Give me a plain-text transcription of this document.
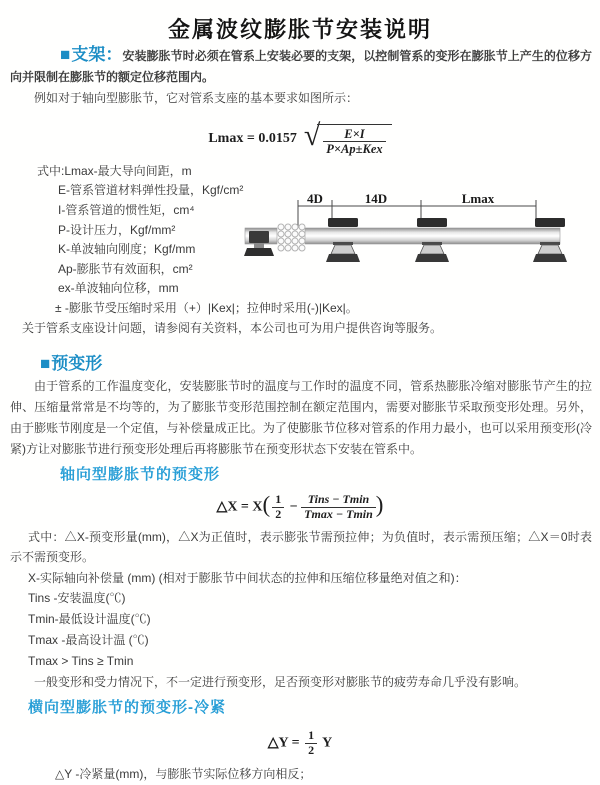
金属波纹膨胀节安装说明

■支架：安装膨胀节时必须在管系上安装必要的支架，以控制管系的变形在膨胀节上产生的位移方向并限制在膨胀节的额定位移范围内。

例如对于轴向型膨胀节，它对管系支座的基本要求如图所示：

Lmax = 0.0157 √ $\frac{E\times I}{\text{P×Ap±Kex}}$
式中:Lmax-最大导向间距，m
E-管系管道材料弹性投量，Kgf/cm²
I-管系管道的惯性矩，cm⁴
P-设计压力，Kgf/mm²
K-单波轴向刚度；Kgf/mm
Ap-膨胀节有效面积，cm²
ex-单波轴向位移，mm
± -膨胀节受压缩时采用（+）|Kex|；拉伸时采用(-)|Kex|。
关于管系支座设计问题，请参阅有关资料，本公司也可为用户提供咨询等服务。
4D	14D	Lmax
■预变形

由于管系的工作温度变化，安装膨胀节时的温度与工作时的温度不同，管系热膨胀冷缩对膨胀节产生的拉伸、压缩量常常是不均等的，为了膨胀节变形范围控制在额定范围内，需要对膨胀节采取预变形处理。另外，由于膨账节刚度是一个定值，与补偿量成正比。为了使膨胀节位移对管系的作用力最小，也可以采用预变形(冷紧)方让对膨胀节进行预变形处理后再将膨胀节在预变形状态下安装在管系中。

轴向型膨胀节的预变形
△X = $X( \frac{1}{2} - \frac{\text{Tins − Tmin}}{Tmax - Tmin}$ )

式中：△X-预变形量(mm)，△X为正值时，表示膨张节需预拉伸；为负值时，表示需预压缩；△X＝0时表示不需预变形。

X-实际轴向补偿量 (mm) (相对于膨胀节中间状态的拉伸和压缩位移量绝对值之和)：
Tins -安装温度(℃)
Tmin-最低设计温度(℃)
Tmax -最高设计温 (℃)
Tmax > Tins ≥ Tmin

一般变形和受力情况下，不一定进行预变形，足否预变形对膨胀节的疲劳寿命几乎没有影响。

横向型膨胀节的预变形-冷紧
△Y = $\frac{1}{2}$ Y
△Y -冷紧量(mm)，与膨胀节实际位移方向相反；
